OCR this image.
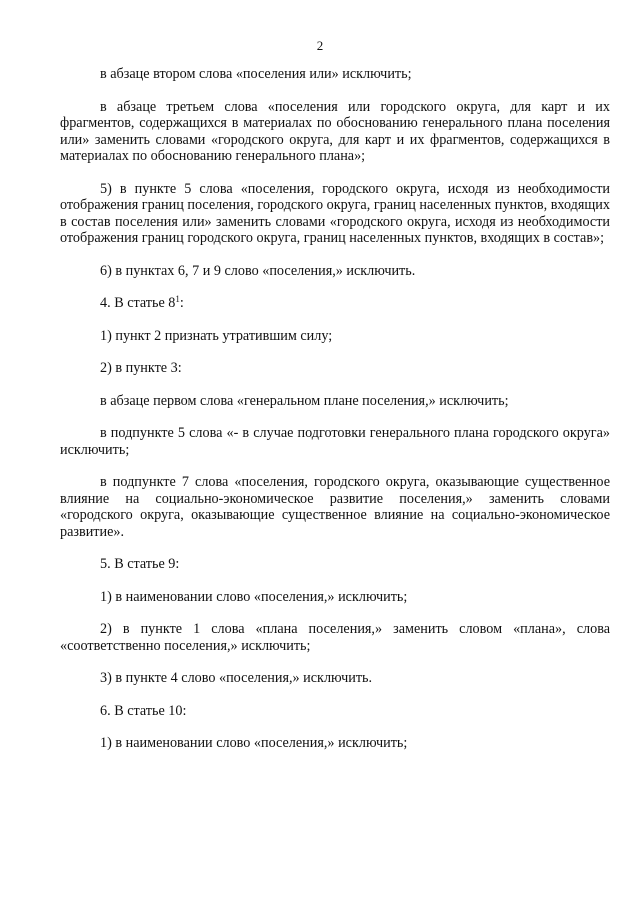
2

в абзаце втором слова «поселения или» исключить;

в абзаце третьем слова «поселения или городского округа, для карт и их фрагментов, содержащихся в материалах по обоснованию генерального плана поселения или» заменить словами «городского округа, для карт и их фрагментов, содержащихся в материалах по обоснованию генерального плана»;

5) в пункте 5 слова «поселения, городского округа, исходя из необходимости отображения границ поселения, городского округа, границ населенных пунктов, входящих в состав поселения или» заменить словами «городского округа, исходя из необходимости отображения границ городского округа, границ населенных пунктов, входящих в состав»;

6) в пунктах 6, 7 и 9 слово «поселения,» исключить.

4. В статье $8^1$:

1) пункт 2 признать утратившим силу;

2) в пункте 3:

в абзаце первом слова «генеральном плане поселения,» исключить;

в подпункте 5 слова «- в случае подготовки генерального плана городского округа» исключить;

в подпункте 7 слова «поселения, городского округа, оказывающие существенное влияние на социально-экономическое развитие поселения,» заменить словами «городского округа, оказывающие существенное влияние на социально-экономическое развитие».

5. В статье 9:

1) в наименовании слово «поселения,» исключить;

2) в пункте 1 слова «плана поселения,» заменить словом «плана», слова «соответственно поселения,» исключить;

3) в пункте 4 слово «поселения,» исключить.

6. В статье 10:

1) в наименовании слово «поселения,» исключить;
